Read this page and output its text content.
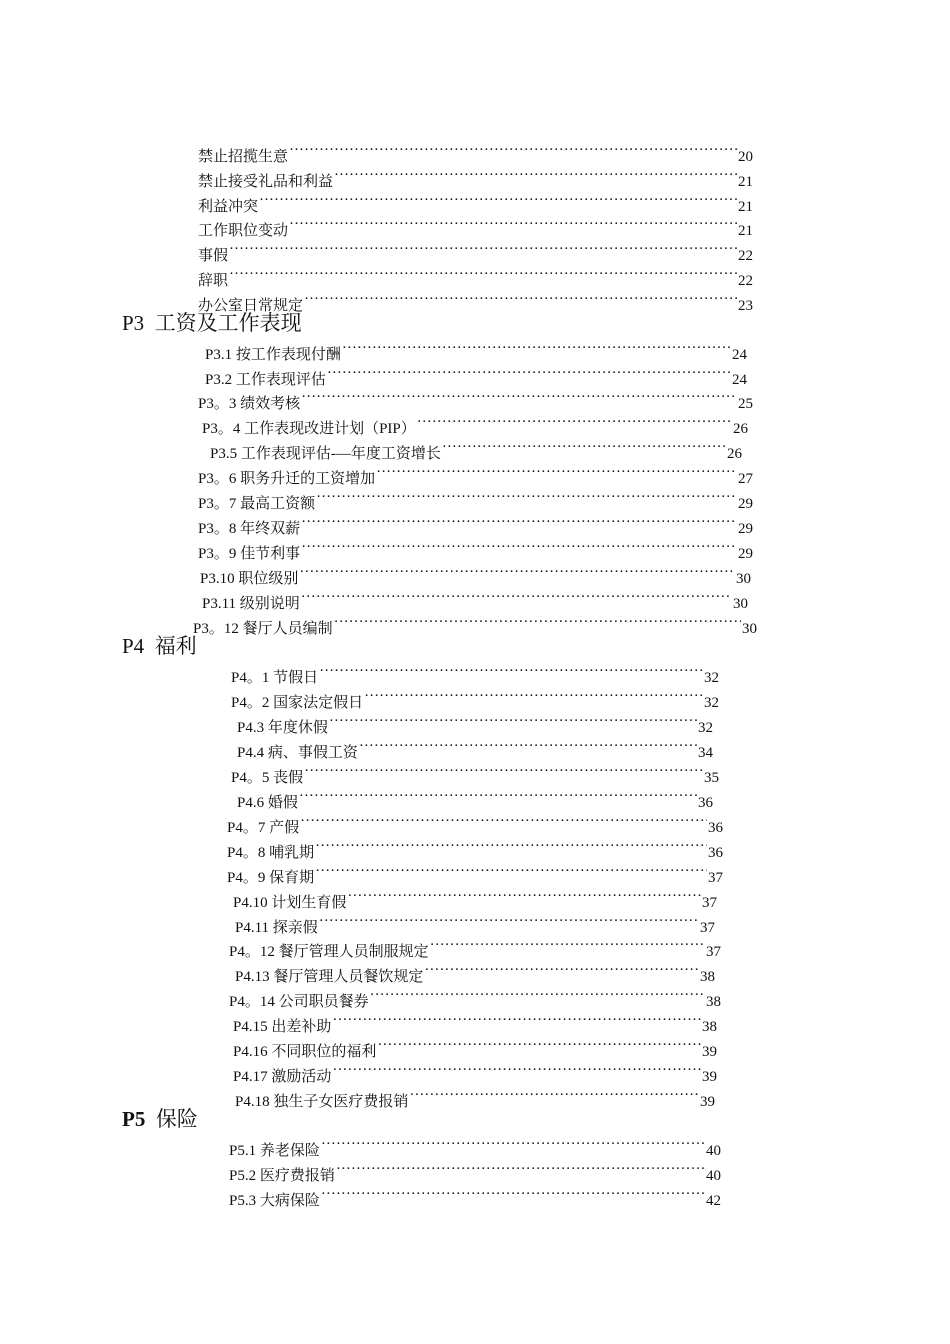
禁止招揽生意 ·····	20
禁止接受礼品和利益 ·····	21
利益冲突 ·····	21
工作职位变动 ·····	21
事假 ·····	22
辞职 ·····	22
办公室日常规定 ·····	23
P3 工资及工作表现
P3.1 按工作表现付酬 ·····	24
P3.2 工作表现评估 ·····	24
P3。3 绩效考核 ·····	25
P3。4 工作表现改进计划（PIP） ·····	26
P3.5 工作表现评估-—年度工资增长 ·····	26
P3。6 职务升迁的工资增加 ·····	27
P3。7 最高工资额 ·····	29
P3。8 年终双薪 ·····	29
P3。9 佳节利事 ·····	29
P3.10 职位级别 ·····	30
P3.11 级别说明 ·····	30
P3。12 餐厅人员编制 ·····	30
P4 福利
P4。1 节假日 ·····	32
P4。2 国家法定假日 ·····	32
P4.3 年度休假 ·····	32
P4.4 病、事假工资 ·····	34
P4。5 丧假 ·····	35
P4.6 婚假 ·····	36
P4。7 产假 ·····	36
P4。8 哺乳期 ·····	36
P4。9 保育期 ·····	37
P4.10 计划生育假 ·····	37
P4.11 探亲假 ·····	37
P4。12 餐厅管理人员制服规定 ·····	37
P4.13 餐厅管理人员餐饮规定 ·····	38
P4。14 公司职员餐券 ·····	38
P4.15 出差补助 ·····	38
P4.16 不同职位的福利 ·····	39
P4.17 激励活动 ·····	39
P4.18 独生子女医疗费报销 ·····	39
P5 保险
P5.1 养老保险 ·····	40
P5.2 医疗费报销 ·····	40
P5.3 大病保险 ·····	42
